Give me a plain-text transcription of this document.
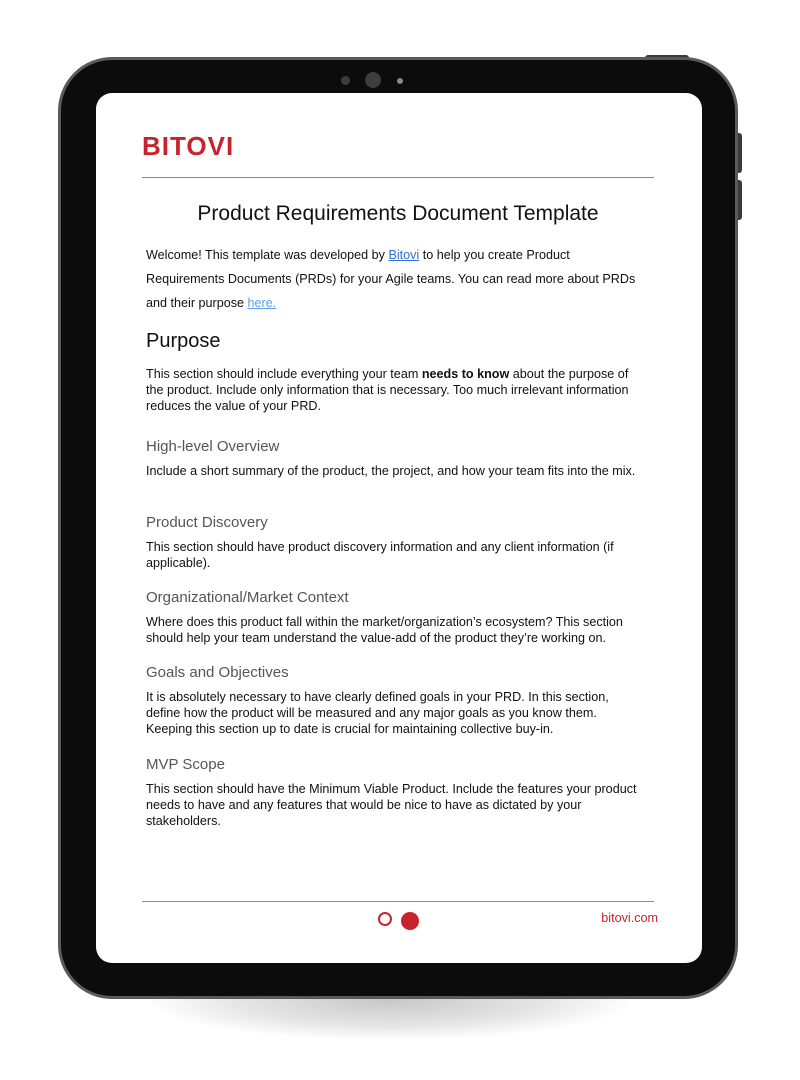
BITOVI
Product Requirements Document Template
Welcome! This template was developed by Bitovi to help you create Product Requirements Documents (PRDs) for your Agile teams. You can read more about PRDs and their purpose here.
Purpose
This section should include everything your team needs to know about the purpose of the product. Include only information that is necessary. Too much irrelevant information reduces the value of your PRD.
High-level Overview
Include a short summary of the product, the project, and how your team fits into the mix.
Product Discovery
This section should have product discovery information and any client information (if applicable).
Organizational/Market Context
Where does this product fall within the market/organization’s ecosystem? This section should help your team understand the value-add of the product they’re working on.
Goals and Objectives
It is absolutely necessary to have clearly defined goals in your PRD. In this section, define how the product will be measured and any major goals as you know them. Keeping this section up to date is crucial for maintaining collective buy-in.
MVP Scope
This section should have the Minimum Viable Product. Include the features your product needs to have and any features that would be nice to have as dictated by your stakeholders.
bitovi.com
